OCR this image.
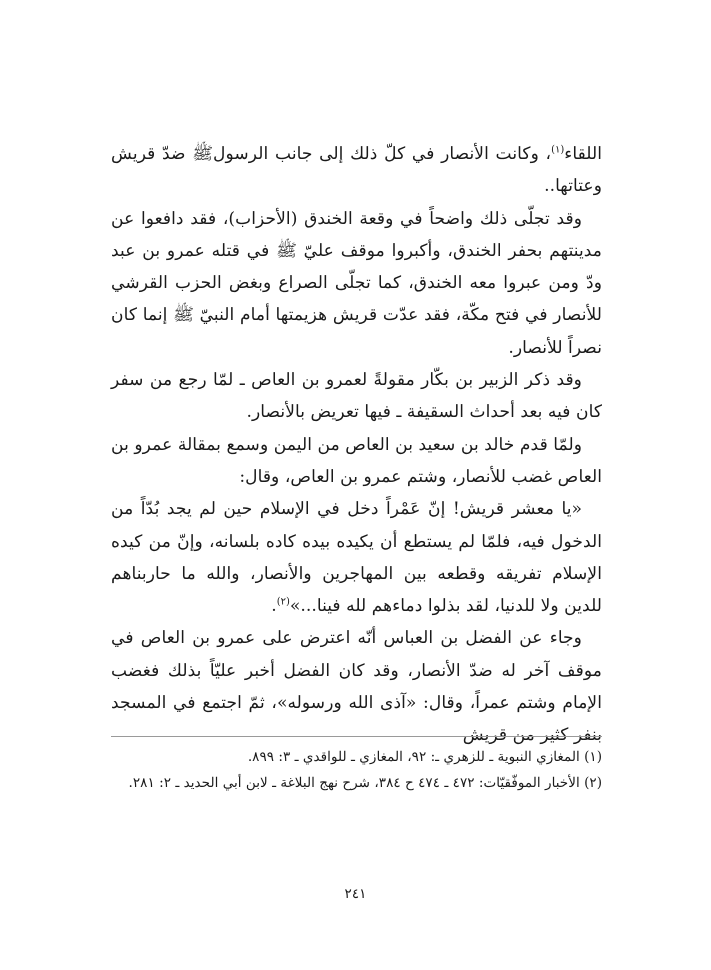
اللقاء$^{(١)}$، وكانت الأنصار في كلّ ذلك إلى جانب الرسولﷺ ضدّ قريش وعتاتها..

وقد تجلّى ذلك واضحاً في وقعة الخندق (الأحزاب)، فقد دافعوا عن مدينتهم بحفر الخندق، وأكبروا موقف عليّ ﷺ في قتله عمرو بن عبد ودّ ومن عبروا معه الخندق، كما تجلّى الصراع وبغض الحزب القرشي للأنصار في فتح مكّة، فقد عدّت قريش هزيمتها أمام النبيّ ﷺ إنما كان نصراً للأنصار.

وقد ذكر الزبير بن بكّار مقولةً لعمرو بن العاص ـ لمّا رجع من سفر كان فيه بعد أحداث السقيفة ـ فيها تعريض بالأنصار.

ولمّا قدم خالد بن سعيد بن العاص من اليمن وسمع بمقالة عمرو بن العاص غضب للأنصار، وشتم عمرو بن العاص، وقال:

«يا معشر قريش! إنّ عَمْراً دخل في الإسلام حين لم يجد بُدّاً من الدخول فيه، فلمّا لم يستطع أن يكيده بيده كاده بلسانه، وإنّ من كيده الإسلام تفريقه وقطعه بين المهاجرين والأنصار، والله ما حاربناهم للدين ولا للدنيا، لقد بذلوا دماءهم لله فينا...»$^{(٢)}$.

وجاء عن الفضل بن العباس أنّه اعترض على عمرو بن العاص في موقف آخر له ضدّ الأنصار، وقد كان الفضل أخبر عليّاً بذلك فغضب الإمام وشتم عمراً، وقال: «آذى الله ورسوله»، ثمّ اجتمع في المسجد بنفر كثير من قريش

(١) المغازي النبوية ـ للزهري ـ: ٩٢، المغازي ـ للواقدي ـ ٣: ٨٩٩.

(٢) الأخبار الموفّقيّات: ٤٧٢ ـ ٤٧٤ ح ٣٨٤، شرح نهج البلاغة ـ لابن أبي الحديد ـ ٢: ٢٨١.

٢٤١
